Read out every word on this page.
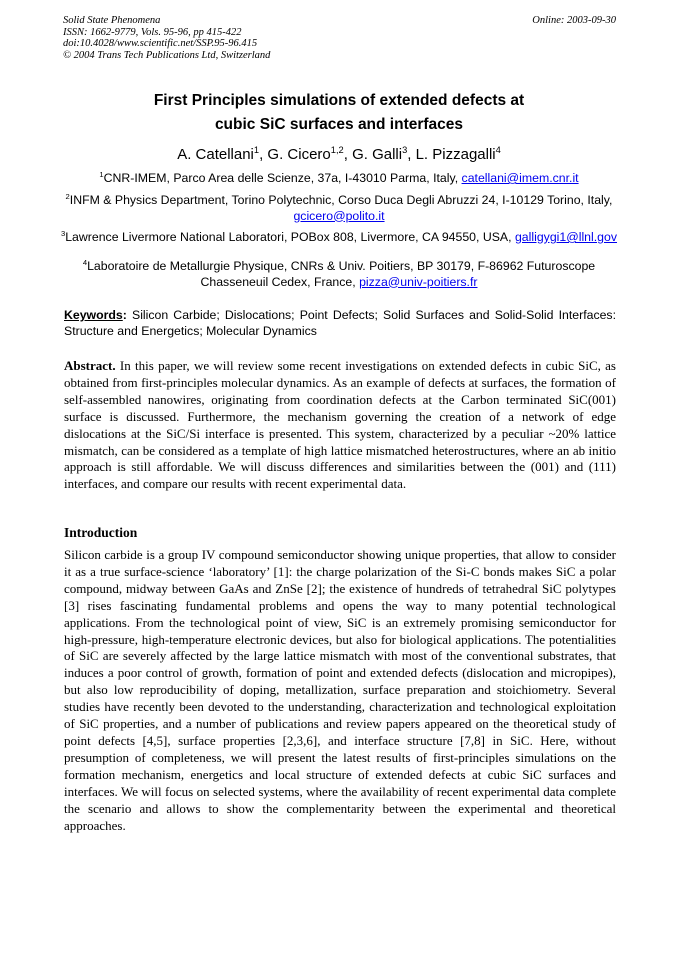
Solid State Phenomena
ISSN: 1662-9779, Vols. 95-96, pp 415-422
doi:10.4028/www.scientific.net/SSP.95-96.415
© 2004 Trans Tech Publications Ltd, Switzerland
Online: 2003-09-30
First Principles simulations of extended defects at
cubic SiC surfaces and interfaces
A. Catellani$^1$, G. Cicero$^{1,2}$, G. Galli$^3$, L. Pizzagalli$^4$
$^1$CNR-IMEM, Parco Area delle Scienze, 37a, I-43010 Parma, Italy, catellani@imem.cnr.it
$^2$INFM & Physics Department, Torino Polytechnic, Corso Duca Degli Abruzzi 24, I-10129 Torino, Italy, gcicero@polito.it
$^3$Lawrence Livermore National Laboratori, POBox 808, Livermore, CA 94550, USA, galligygi1@llnl.gov
$^4$Laboratoire de Metallurgie Physique, CNRs & Univ. Poitiers, BP 30179, F-86962 Futuroscope Chasseneuil Cedex, France, pizza@univ-poitiers.fr
Keywords: Silicon Carbide; Dislocations; Point Defects; Solid Surfaces and Solid-Solid Interfaces: Structure and Energetics; Molecular Dynamics
Abstract. In this paper, we will review some recent investigations on extended defects in cubic SiC, as obtained from first-principles molecular dynamics. As an example of defects at surfaces, the formation of self-assembled nanowires, originating from coordination defects at the Carbon terminated SiC(001) surface is discussed. Furthermore, the mechanism governing the creation of a network of edge dislocations at the SiC/Si interface is presented. This system, characterized by a peculiar ~20% lattice mismatch, can be considered as a template of high lattice mismatched heterostructures, where an ab initio approach is still affordable. We will discuss differences and similarities between the (001) and (111) interfaces, and compare our results with recent experimental data.
Introduction
Silicon carbide is a group IV compound semiconductor showing unique properties, that allow to consider it as a true surface-science ‘laboratory’ [1]: the charge polarization of the Si-C bonds makes SiC a polar compound, midway between GaAs and ZnSe [2]; the existence of hundreds of tetrahedral SiC polytypes [3] rises fascinating fundamental problems and opens the way to many potential technological applications. From the technological point of view, SiC is an extremely promising semiconductor for high-pressure, high-temperature electronic devices, but also for biological applications. The potentialities of SiC are severely affected by the large lattice mismatch with most of the conventional substrates, that induces a poor control of growth, formation of point and extended defects (dislocation and micropipes), but also low reproducibility of doping, metallization, surface preparation and stoichiometry. Several studies have recently been devoted to the understanding, characterization and technological exploitation of SiC properties, and a number of publications and review papers appeared on the theoretical study of point defects [4,5], surface properties [2,3,6], and interface structure [7,8] in SiC. Here, without presumption of completeness, we will present the latest results of first-principles simulations on the formation mechanism, energetics and local structure of extended defects at cubic SiC surfaces and interfaces. We will focus on selected systems, where the availability of recent experimental data complete the scenario and allows to show the complementarity between the experimental and theoretical approaches.
